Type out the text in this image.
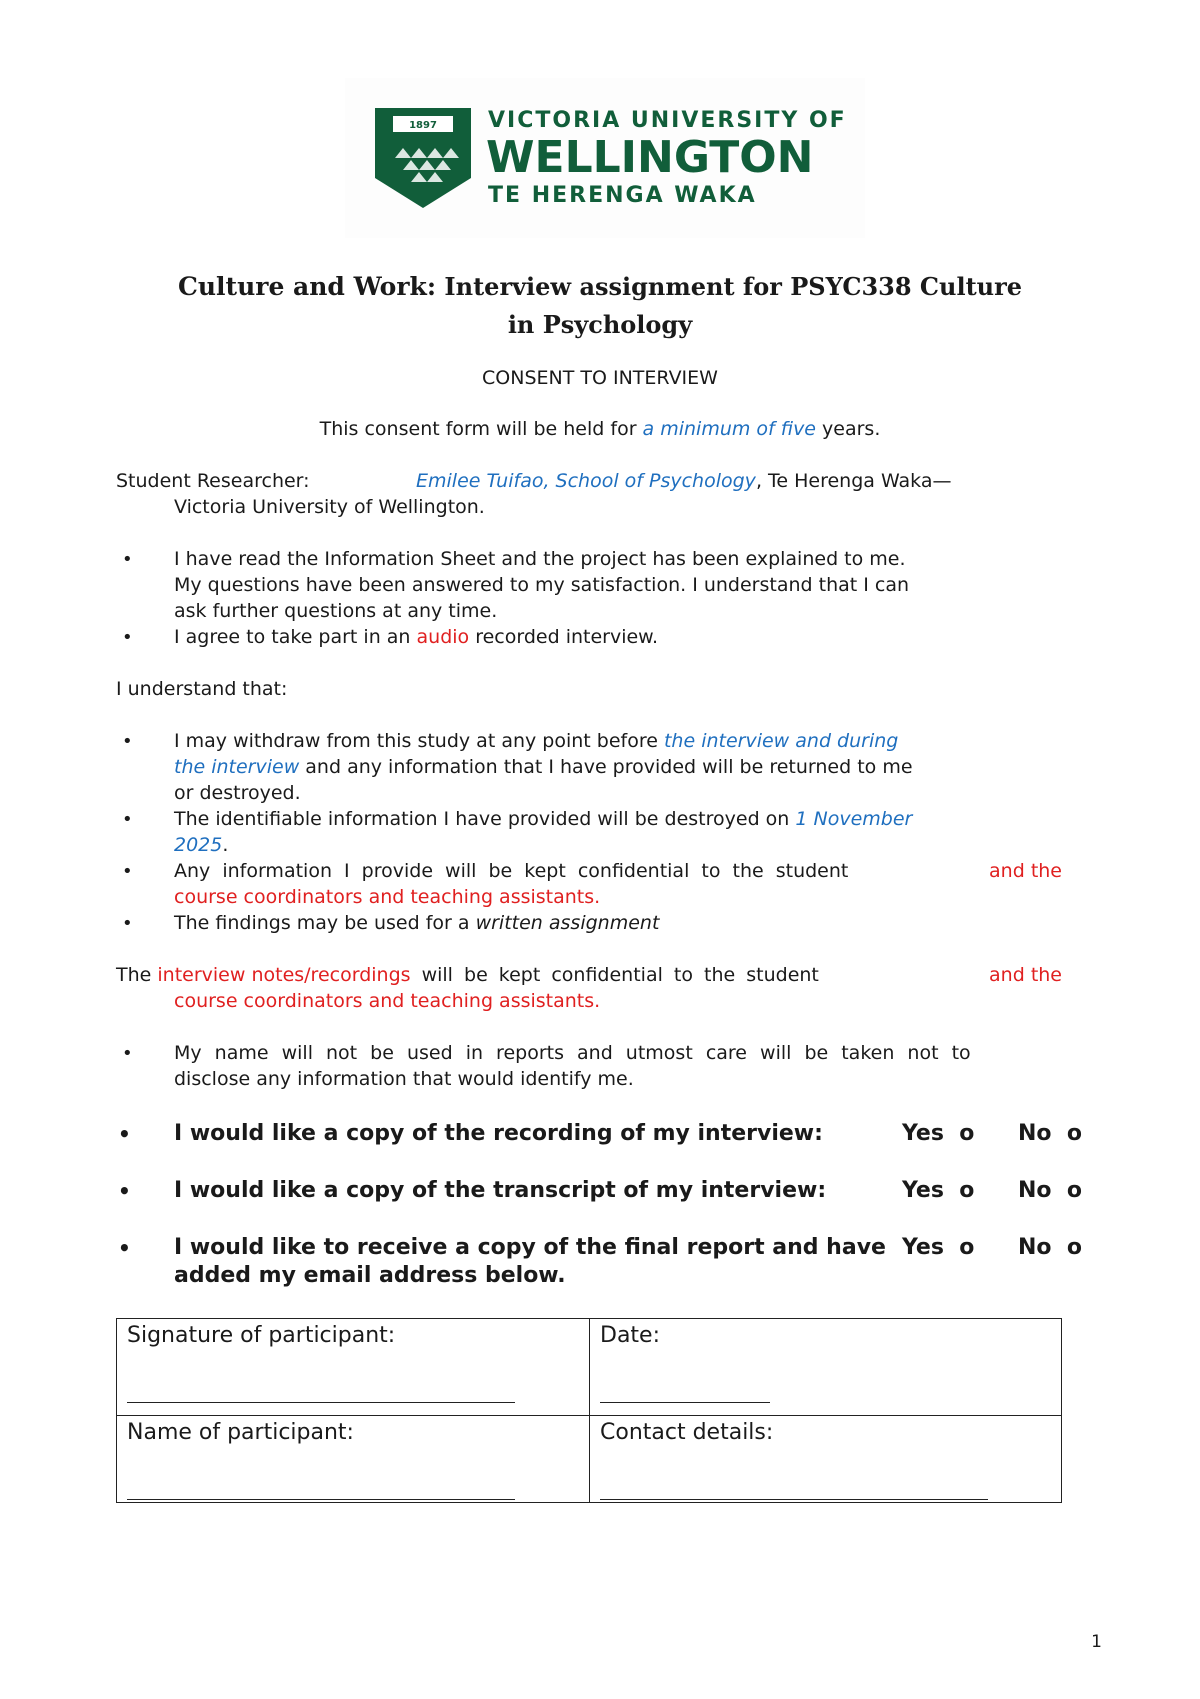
1897 VICTORIA UNIVERSITY OF
WELLINGTON
TE HERENGA WAKA
Culture and Work: Interview assignment for PSYC338 Culture
in Psychology
CONSENT TO INTERVIEW
This consent form will be held for a minimum of five years.
Student Researcher:	Emilee Tuifao, School of Psychology, Te Herenga Waka—
Victoria University of Wellington.
• I have read the Information Sheet and the project has been explained to me.
My questions have been answered to my satisfaction. I understand that I can
ask further questions at any time.
• I agree to take part in an audio recorded interview.
I understand that:
• I may withdraw from this study at any point before the interview and during
the interview and any information that I have provided will be returned to me
or destroyed.
• The identifiable information I have provided will be destroyed on 1 November
2025.
• Any information I provide will be kept confidential to the student	and the
course coordinators and teaching assistants.
• The findings may be used for a written assignment
The interview notes/recordings will be kept confidential to the student	and the
course coordinators and teaching assistants.
• My name will not be used in reports and utmost care will be taken not to
disclose any information that would identify me.
• I would like a copy of the recording of my interview:	Yes o No o
• I would like a copy of the transcript of my interview:	Yes o No o
• I would like to receive a copy of the final report and have
added my email address below.
Yes o No o
Signature of participant:	Date:

Name of participant:	Contact details:
1
